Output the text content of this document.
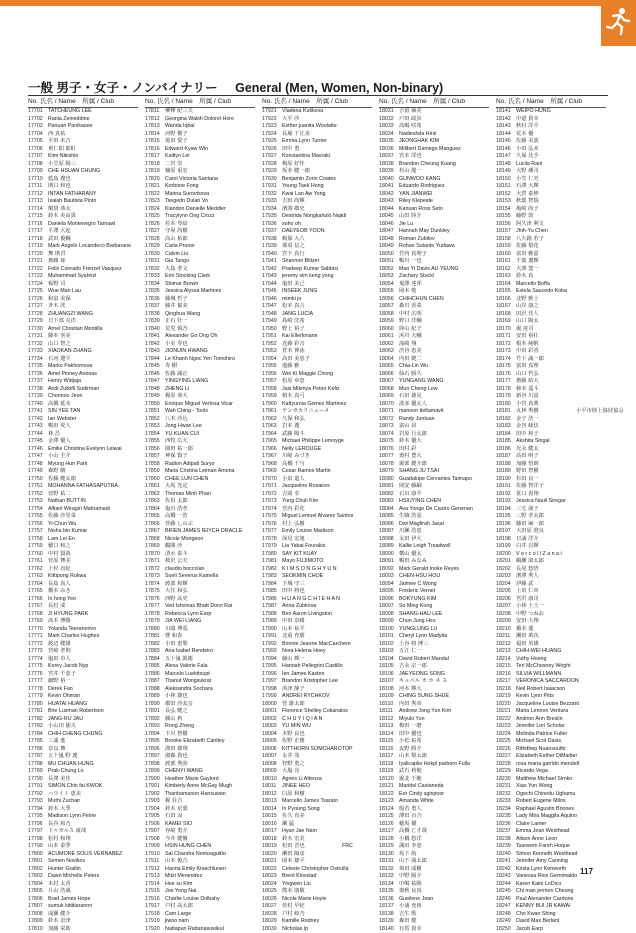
一般 男子・女子・ノンバイナリー General (Men, Women, Non-binary)
No. 氏名 / Name　 所属 / Club
17701 TATCHEUNG LEE
17702 Rania Zeineddine
17703 Panuan Panikasee
17704 西 真祐
17705 平田 未吉
17706 黄仁阳 郎虹
17707 Kiim Nikishin
17708 小笠原 陽三
17709 CHE HSUAN CHUNG
17710 藍島 遼也
17711 関口 和也
17712 INTAN FATHARANY
17713 Isaiah Bautista Pinto
17714 額賀 恭太
17715 鈴木 美由貴
17716 Daniela Montenegro Tarnawi
17717 平澤 大起
17718 武田 俊輔
17719 Mark Angelo Locandeco Barbarane
17720 舞 瑛君
17721 齋藤 琢
17722 Felix Conrado Frenzel Vasquez
17723 Muhammad Syahrizi
17724 板野 司
17725 Wue Man Lau
17726 和泉 美保
17727 斉木 洸
17728 ZHUANGZI WANG
17729 日下部 亮洋
17730 Arnel Christian Montilla
17731 藤本 喜美
17732 山口 智之
17733 XIAOKAN ZHANG
17734 石河 遼平
17735 Marko Pakhomova
17736 Amel Pinney Anonas
17737 Henry Widjaja
17738 Andi Zulkifli Sudirman
17739 Chonnoo Jeon
17740 高橋 延幸
17741 SIN YEE TAN
17742 Ian Webster
17743 鴨田 愛人
17744 林 昌
17745 金澤 優人
17746 Emilie Christina Evelynn Leiwai
17747 小山 圭介
17748 Myung Hun Park
17749 森野 駿
17750 佐藤 健太郎
17751 MOHANNA FATHASAPUTRA
17752 菅野 祐二
17753 Nathan BUTTIN
17754 Alfiani Wiragiri Mahramadi
17755 佐藤 沙里菜
17756 Yi-Chun Wu
17757 Nisha bin Kumar
17758 Lam Lei En
17759 穂口 和之
17760 中村 賢哉
17761 菅原 舞美
17762 上杉 直紀
17763 Kittipong Rukwa
17764 長島 真人
17765 橋本 みき
17766 In hong Yeo
17767 長村 成
17768 JI HYUNG PARK
17769 髙木 博勝
17770 Yolanda Teeranonvo
17771 Mark Charles Hughes
17772 渡辺 健雄
17773 宮崎 孝則
17774 塩田 卓人
17775 Korey Jacob Nyp
17776 宮井 千恵子
17777 細野 裕一
17778 Derek Fan
17779 Kevin Ohman
17780 HUATAI HUANG
17781 Brie Lusman Robertson
17782 JANG-RU JAU
17783 小山田 郁夫
17784 CHIH CHENG CHUNG
17785 三浦 進
17786 奈良 舞
17787 五十嵐 野 遼
17788 MU CHUAN HUNG
17789 Prak-Chung Lo
17790 長澤 美佳
17791 SIMON Chin fai KWOK
17792 ハワイト 恵美
17793 Muthi Zuchair
17794 鈴木 大季
17795 Madison Lynn Petrie
17796 長谷 和乃
17797 ドゥガルス 康哉
17798 松村 和翔
17799 山本 泰季
17800 ACUMORE SOLIS VERNABEZ
17801 Semen Novikov
17802 Hunter Grallin
17803 Dawn Michelle Peters
17804 木村 太香
17805 片山 浩風
17806 Brad James Hope
17807 sumuk kittitiaranon
17808 成瀬 健介
17809 鈴木 奈津
17810 加藤 栄助
No. 氏名 / Name　 所属 / Club
17811 柳樺 紀三夫
17812 Georgina Walsh Dolorel Hore
17813 Wanda Iqbal
17814 河野 樹子
17815 菱田 愛子
17816 Edward Kyaw Win
17817 Kaitlyn Lei
17818 二宮 崇
17819 楠原 重宏
17820 Carol Victoria Santana
17821 Korbone Fong
17822 Marina Surovtsova
17823 Tsegedn Dulan Vo
17824 Kiandon Danielle Meddler
17825 Tracylynn Ong Crozz
17826 杉本 琴絵
17827 守屋 尚樹
17828 高山 拓郎
17829 Carla Pruner
17830 Calvin Liu
17831 Gia Tango
17832 大島 孝文
17833 Erin Stocking Clark
17834 Shimar Brown
17835 Jessica Alyssa Martinez
17836 藤城 哲子
17837 藤井 郁美
17838 Qinghua Wang
17839 正石 壮一
17840 荒児 慎吾
17841 Alexander Go Ong Oh
17842 小室 寿也
17843 JIONUIN HWANG
17844 Le Khanh Ngoc Yen Tomohiro
17845 寿 樹
17846 佐藤 誠正
17847 YINGYING LIANG
17848 ZHENG LI
17849 梶原 恭大
17850 Enrique Miguel Verlosa Vicar
17851 Wah Ching - Tools
17852 八木 沙込
17853 Jong Hwan Lee
17854 YU KUAN CUI
17855 西牧 広大
17856 園田 祐一郎
17857 神保 賢子
17858 Radion Adipati Suryo
17859 Maria Cristina Leiman Amoria
17860 CHEE LUN CHEN
17861 大坂 光定
17862 Thomas Minh Phan
17863 佐伯 太郎
17864 塩川 浩孝
17865 高橋 一浩
17866 菅藤 しのぶ
17867 BRIEN JAMES IEIYCH DRACLE
17868 Nicole Mongeon
17869 鶴間 沙
17870 清水 泰斗
17871 桜沢 公夫
17872 claudio boccolan
17873 Sueli Severus Kamella
17874 渡部 和輝
17875 大住 和弘
17876 西野 高史
17877 Ved Ishvinas Bhatt Dorvi Rai
17878 Rebecca Lynn Earp
17879 JIA WEI LIANG
17880 川端 博基
17881 曹 和春
17882 小田 恵梨
17883 Ana Isabel Rendeiro
17884 五十嵐 凱衛
17885 Alexa Valerie Fala
17886 Marcelo Luekttsupt
17887 Thanut Wongsukrat
17888 Aleksandra Sochara
17889 小林 雄也
17890 都田 沙友音
17891 長弘 健之
17892 藤山 莉
17893 Rong Zheng
17894 下川 智樹
17895 Brooke Elizabeth Cantley
17896 渕田 雄翔
17897 淑森 貴也
17898 渡部 秀弥
17899 CHENYI WANG
17900 Heather Marie Gaylord
17901 Kimberly Anne McGay Mugh
17902 Thanhamanon Hansuwan
17903 梶 荘吉
17904 鈴木 星葉
17905 石田 涼
17906 KAMEI SIO
17907 谷崎 勇介
17908 今井 健盤
17909 HSIN HUNG CHEN
17910 Sal Chandra Nomoaguitto
17911 山本 俊吉
17912 Hanna Emily Kraschlunen
17913 Mitzi Menendez
17914 Hee su Kim
17915 Joe Yong Nai
17916 Charlie Louise Dolbahy
17917 戸村 高太郎
17918 Cam Large
17919 jiwoo nam
17920 Nattapun Rattanasuwikul
No. 氏名 / Name　 所属 / Club
17921 Vladena Kutikova
17922 大平 沙
17923 Esther juanita Woolatte
17924 長塚 千江美
17925 Emma Lynn Turner
17926 田中 勇
17927 Konstantina Mavraki
17928 梅原 好佳
17929 坂本 健一郎
17930 Benjamin Zorio Coates
17931 Young Taek Hong
17932 Kwai Lan Aw Yong
17933 吉田 尚輝
17934 濱渕 敬史
17935 Destrida Nongkahulo Najidi
17936 soho oh
17937 DAEYEOB YOON
17938 嶋保 大八
17939 那須 信之
17940 宮下 真行
17941 Shannon Blitzer
17942 Pradeep Kumar Sabbisi
17943 jeremy sim keng yong
17944 塩田 美己
17945 INSEEK JUNG
17946 mimki jo
17947 松本 真言
17948 JANG LUCIA
17949 島崎 沈希
17950 野上 裕子
17951 Kai Ellerkmann
17952 近藤 彩音
17953 倉本 伸泳
17954 高田 美恵子
17955 進藤 雅
17956 Wei Ki Maggie Chong
17957 松原 章恵
17958 Jasi Mikmya Petiro Kefiz
17959 植木 真弓
17960 Kattyurnia Gomez Martinez
17961 ヤンガカリニューメ
17962 久保 和弘
17963 岩本 遼
17964 武藤 陽斗
17965 Michael Philippe Lemoyge
17966 Nelly LEROUGE
17967 川崎 みづき
17968 高橋 千与
17969 Cesar Ramos Martin
17970 小泉 道人
17971 Jacqueline Rosaires
17972 吉岡 幸
17973 Yung Chuli Kim
17974 宮内 彩花
17975 Miguel Lemuel Alvarez Santos
17976 村上 弘樹
17977 Emily Louise Madison
17978 深見 宏旭
17979 Lia Yabai Fourakis
17980 SAY KIT KUAY
17981 Mayo FUJIMOTO
17982 K I M S O N G H Y U N
17983 SEOKMIN CHOE
17984 下城 守三
17985 田中 将也
17986 H U A N G C H I E H A N
17987 Anna Zubkova
17988 Ben Aaron Livingston
17989 中田 奈緒
17990 山本 祐平
17991 北重 育膳
17992 Bonnie Jeanne MacCarchern
17993 Nora Helena Hoey
17994 藤山 輝一
17995 Hannah Pellegrini Castillo
17996 Ien James Kasten
17997 Brandon Kristopher Lee
17998 浜津 静子
17999 ANDREI RYCHKOV
18000 菅 雄太郎
18001 Florence Shelley Cokanalos
18002 C H U Y I Q I A N
18003 YU MIN WU
18004 木野 良也
18005 佐野 正雅
18006 KITTHORN SOMCHAROTOP
18007 永井 茂
18008 狩野 勇之
18009 大塩 亮
18010 Agnes Li Attenza
18011 JINEE HEO
18012 臼原 和樹
18013 Marcello James Tsarato
18014 In Pyoung Song
18015 佐久 直美
18016 瀬 猛
18017 Hyun Jae Nam
18018 鈴木 宏美
18019 松田 晋也	FRC
18020 瀬田 陽彦
18021 岡本 雄平
18022 Celeste Christopher Ostrulla
18023 Brent Klovstad
18024 Yingwen Liu
18025 熊本 康敬
18026 Nicole Marie Hoyle
18027 菅村 早紀
18028 戸村 紗乃
18029 Kamille Rodney
18030 Nicholas Ip
No. 氏名 / Name　 所属 / Club
18031 吉留 麻美
18032 戸田 政歩
18033 髙嶋 咲希
18034 Nadieshda Hirsl
18035 JEONGHAK KIM
18036 Millbert Damego Manguez
18037 宮本 澪也
18038 Brandon Cheung Kuang
18039 杉山 龍一
18040 GUNWOO KANG
18041 Eduardo Rodriguez
18042 YAN JIANWEI
18043 Riley Klepeide
18044 Kansan Ross Seto
18045 山田 陸介
18046 Jie Lu
18047 Hannah May Dunkley
18048 Roman Zubilov
18049 Rohan Sutanto Yudawa
18050 竹内 真理子
18051 鴨川 一也
18052 Man Yi Davis AU YEUNG
18053 Zachary Stuckl
18054 鬼澤 達邦
18055 岡本 勉
18056 CHIHCHUN CHEN
18057 森川 香菜
18058 中村 広明
18059 野口 洋輔
18060 陸山 紀子
18061 浜川 大輔
18062 滝崎 翔
18063 渋谷 恵美
18064 内田 健二
18065 Chia-Lin Wu
18066 仙石 勝久
18067 YUNGANG WANG
18068 Mun Cheng Low
18069 石田 雄晃
18070 波多 優太人
18071 manoon tieltamavit
18072 Randy Juntuan
18073 富山 昂
18074 岩原 行太郎
18075 鈴木 優大
18076 田村 彩
18077 奥村 豊大
18078 堀部 健介郎
18079 SHANG JU TSAI
18080 Guadalupe Cervantes Taimapo
18081 岡安 藤嗣
18082 石川 康平
18083 HSIUYING CHEN
18084 Ava Yonge De Castro Genenan
18085 生駒 浩基
18086 Dwi Magfirah Jasal
18087 川瀬 浩恵
18088 永田 伊大
18089 Kallie Leigh Treadwell
18090 横山 優太
18091 鴨田 みなみ
18092 Mark Gerald Inoke Reyes
18093 CHEN-HSU HOU
18094 Jaimee C.Wong
18095 Frederic Vernet
18096 BOKYUNG KIM
18097 So Ming Kong
18098 SHANG-HAU LEE
18099 Chun Jung Hsu
18100 YUNGLUNG LU
18101 Cheryl Lynn Madyda
18102 土谷 将 博三
18103 五江 仁一
18104 David Robert Mandal
18105 吉永 宗一郎
18106 JAEYEONG SONG
18107 キュベル カ ホ ネ ス
18108 河本 輝大
18109 CHING SUNG SHUE
18110 内田 秀章
18111 Andrew Jong Yun Kim
18112 Miyuki Yun
18113 梅田 一磨
18114 田中 優也
18115 小松 祐希
18116 友野 勝介
18117 山本 梨太郎
18118 Iyalicaplie Hokpl parboro Fulla
18119 武石 莉勉
18120 堀北 千範
18121 Maridel Castaneda
18122 Eor Cindy sginpoor
18123 Amanda White
18124 般若 勇人
18125 薄田 百合
18126 穂坂 優
18127 高橋 亡才哉
18128 小橋 悠洋
18129 滿田 李恵
18130 坂下 航
18131 山下 満太郎
18132 菊田 成樹
18133 中野 陽介
18134 中嶋 祐陽
18135 奥秋 良真
18136 Gueilene Jean
18137 小浦 充裕
18138 吉生 歌
18139 森田 健
18140 有馬 貴幸
No. 氏名 / Name　 所属 / Club
18141 WEIPO HUNG
18142 中道 貴幸
18143 秋村 洋平
18144 荒木 優
18145 佐藤 美波
18146 小田 弘未
18147 久保 比手
18148 Lucila Rani
18149 大野 潮司
18150 小笠 仁史
18151 石澤 大輝
18152 大倉 泰伸
18153 秋葉 智瑞
18154 亀崎 尚子
18155 藤野 敦
18156 阿久津 利文
18157 Jhih-Yu Chen
18158 八大路 若子
18159 佐藤 梨花
18160 富田 雅嘉
18161 千葉 遼輝
18162 大澤 寛一
18163 鈴木 真
18164 Marcello Boffa
18165 Estela Saucedo Koba
18166 北野 雅士
18167 山岸 康之
18168 田沢 佳人
18169 山口 陽太
18170 堀 達司
18171 安田 裕壮
18172 根本 純帆
18173 中田 彩香
18174 竹下 誠一郎
18175 富田 真理
18176 山口 哲弘
18177 齋藤 結大
18178 柿本 遥斗
18179 新谷 川富
18180 小宮 真典
18181 丸林 秀樹	小平市陸上協技協会
18182 金子 浩一
18183 金谷 綾伍
18184 田中 和子
18185 Akshita Singal
18186 光永 健太
18187 高田 明子
18188 加藤 悟朗
18189 野田 智樹
18190 杉田 良一
18191 佐藤 智洋子
18192 笹口 貴翔
18193 Jessica Nauli Siregar
18194 三宅 満子
18195 三野 孝太郎
18196 藤田 麻一郎
18197 大田原 澄良
18198 日浦 洋介
18199 白井 昌輝
18200 V e r c o l l Z a n a i
18201 鶴瀬 康太郎
18202 長尾 悠悟
18203 濱澤 秀人
18204 伊藤 武
18205 上田 仁章
18206 宮沢 康司
18207 小林 土土一
18208 中野 つねお
18209 安田 大翔
18210 橋本 蓮
18211 瀬田 萬次
18212 福田 英雄
18213 CHIH-WEI HUANG
18214 Vuthy Hoeng
18215 Teri McChesney Wright
18216 SILVIA WILLMANN
18217 VERONICA SACCARDON
18218 Neil Robert Isaacson
18219 Kevin Lynn Pitts
18220 Jacqueline Louise Bezzant
18221 Maria Lennon Ventura
18222 Andrinn Ann Breslin
18223 Jennifer Lori Scholar
18224 Melinda Patrice Fuller
18225 Michael Scot Davis
18226 Rithdhep Nuansouthi
18227 Elizabeth Esther DiMaiber
18228 rosa maria garrido mendell
18229 Ricardo Vega
18230 Matthew Michael Sirnko
18231 Xiao Yun Wong
18232 Ogechi Chinedu Ughamu
18233 Robert Eugene Milos
18234 Raphael Agustin Briones
18235 Lady Mira Maggila Aquino
18236 Claire Lamer
18237 Emma Jean Westhead
18238 Alison Anne Leon
18239 Tasneem Fareh Hoque
18240 Simon Kenneth Westhead
18241 Jennifer Amy Canning
18242 Krista Lynn Kenworth
18243 Vanessa Rios Gernimaldo
18244 Karen Kaini LoDico
18245 Chi man jermon Cheung
18246 Paul Alexander Cardone
18247 KENNY BUI JR KAWAI
18248 Cho Kwan Shing
18249 David Max Berlant
18250 Jacob Earp
117
